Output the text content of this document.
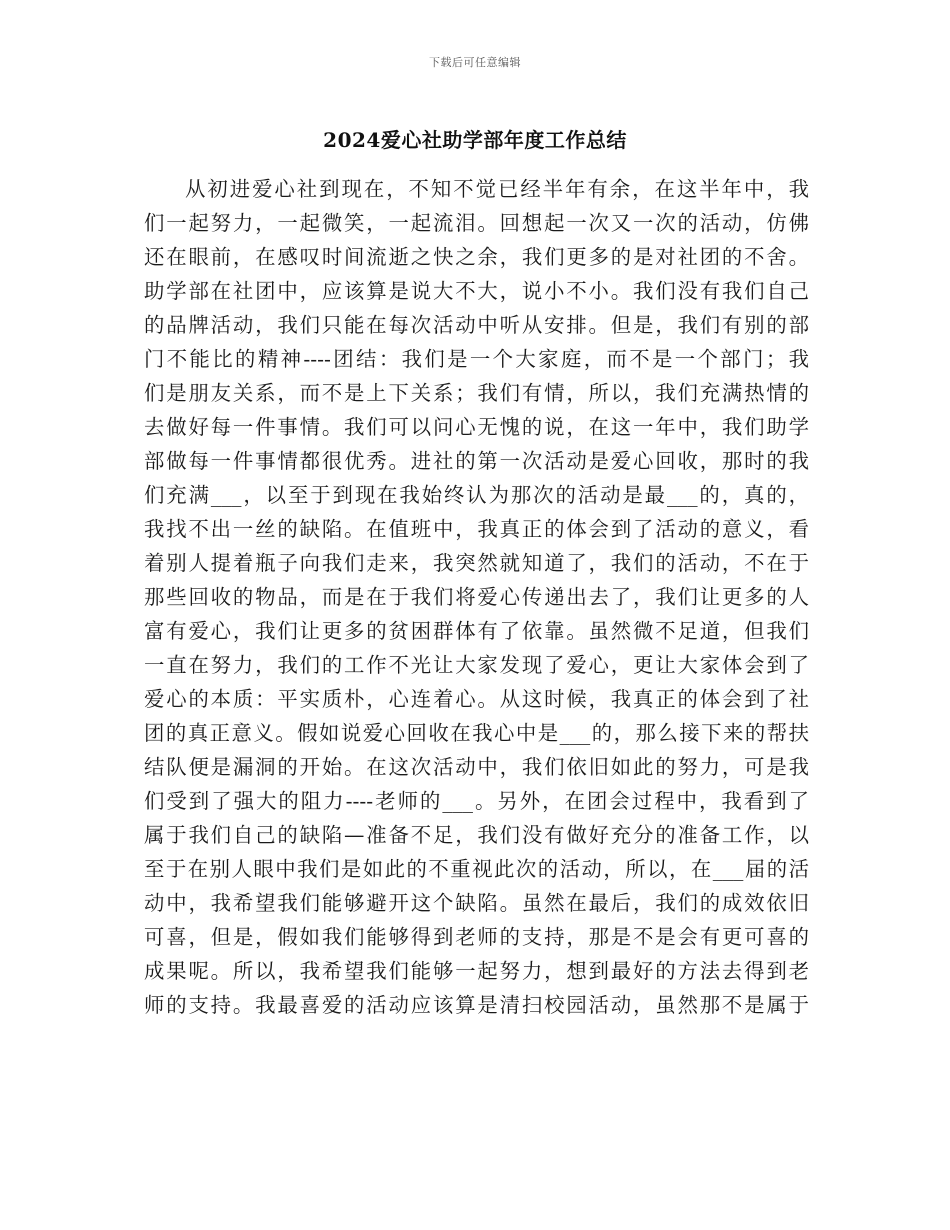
下载后可任意编辑
2024爱心社助学部年度工作总结
从初进爱心社到现在，不知不觉已经半年有余，在这半年中，我
们一起努力，一起微笑，一起流泪。回想起一次又一次的活动，仿佛
还在眼前，在感叹时间流逝之快之余，我们更多的是对社团的不舍。
助学部在社团中，应该算是说大不大，说小不小。我们没有我们自己
的品牌活动，我们只能在每次活动中听从安排。但是，我们有别的部
门不能比的精神----团结：我们是一个大家庭，而不是一个部门；我
们是朋友关系，而不是上下关系；我们有情，所以，我们充满热情的
去做好每一件事情。我们可以问心无愧的说，在这一年中，我们助学
部做每一件事情都很优秀。进社的第一次活动是爱心回收，那时的我
们充满___，以至于到现在我始终认为那次的活动是最___的，真的，
我找不出一丝的缺陷。在值班中，我真正的体会到了活动的意义，看
着别人提着瓶子向我们走来，我突然就知道了，我们的活动，不在于
那些回收的物品，而是在于我们将爱心传递出去了，我们让更多的人
富有爱心，我们让更多的贫困群体有了依靠。虽然微不足道，但我们
一直在努力，我们的工作不光让大家发现了爱心，更让大家体会到了
爱心的本质：平实质朴，心连着心。从这时候，我真正的体会到了社
团的真正意义。假如说爱心回收在我心中是___的，那么接下来的帮扶
结队便是漏洞的开始。在这次活动中，我们依旧如此的努力，可是我
们受到了强大的阻力----老师的___。另外，在团会过程中，我看到了
属于我们自己的缺陷—准备不足，我们没有做好充分的准备工作，以
至于在别人眼中我们是如此的不重视此次的活动，所以，在___届的活
动中，我希望我们能够避开这个缺陷。虽然在最后，我们的成效依旧
可喜，但是，假如我们能够得到老师的支持，那是不是会有更可喜的
成果呢。所以，我希望我们能够一起努力，想到最好的方法去得到老
师的支持。我最喜爱的活动应该算是清扫校园活动，虽然那不是属于
